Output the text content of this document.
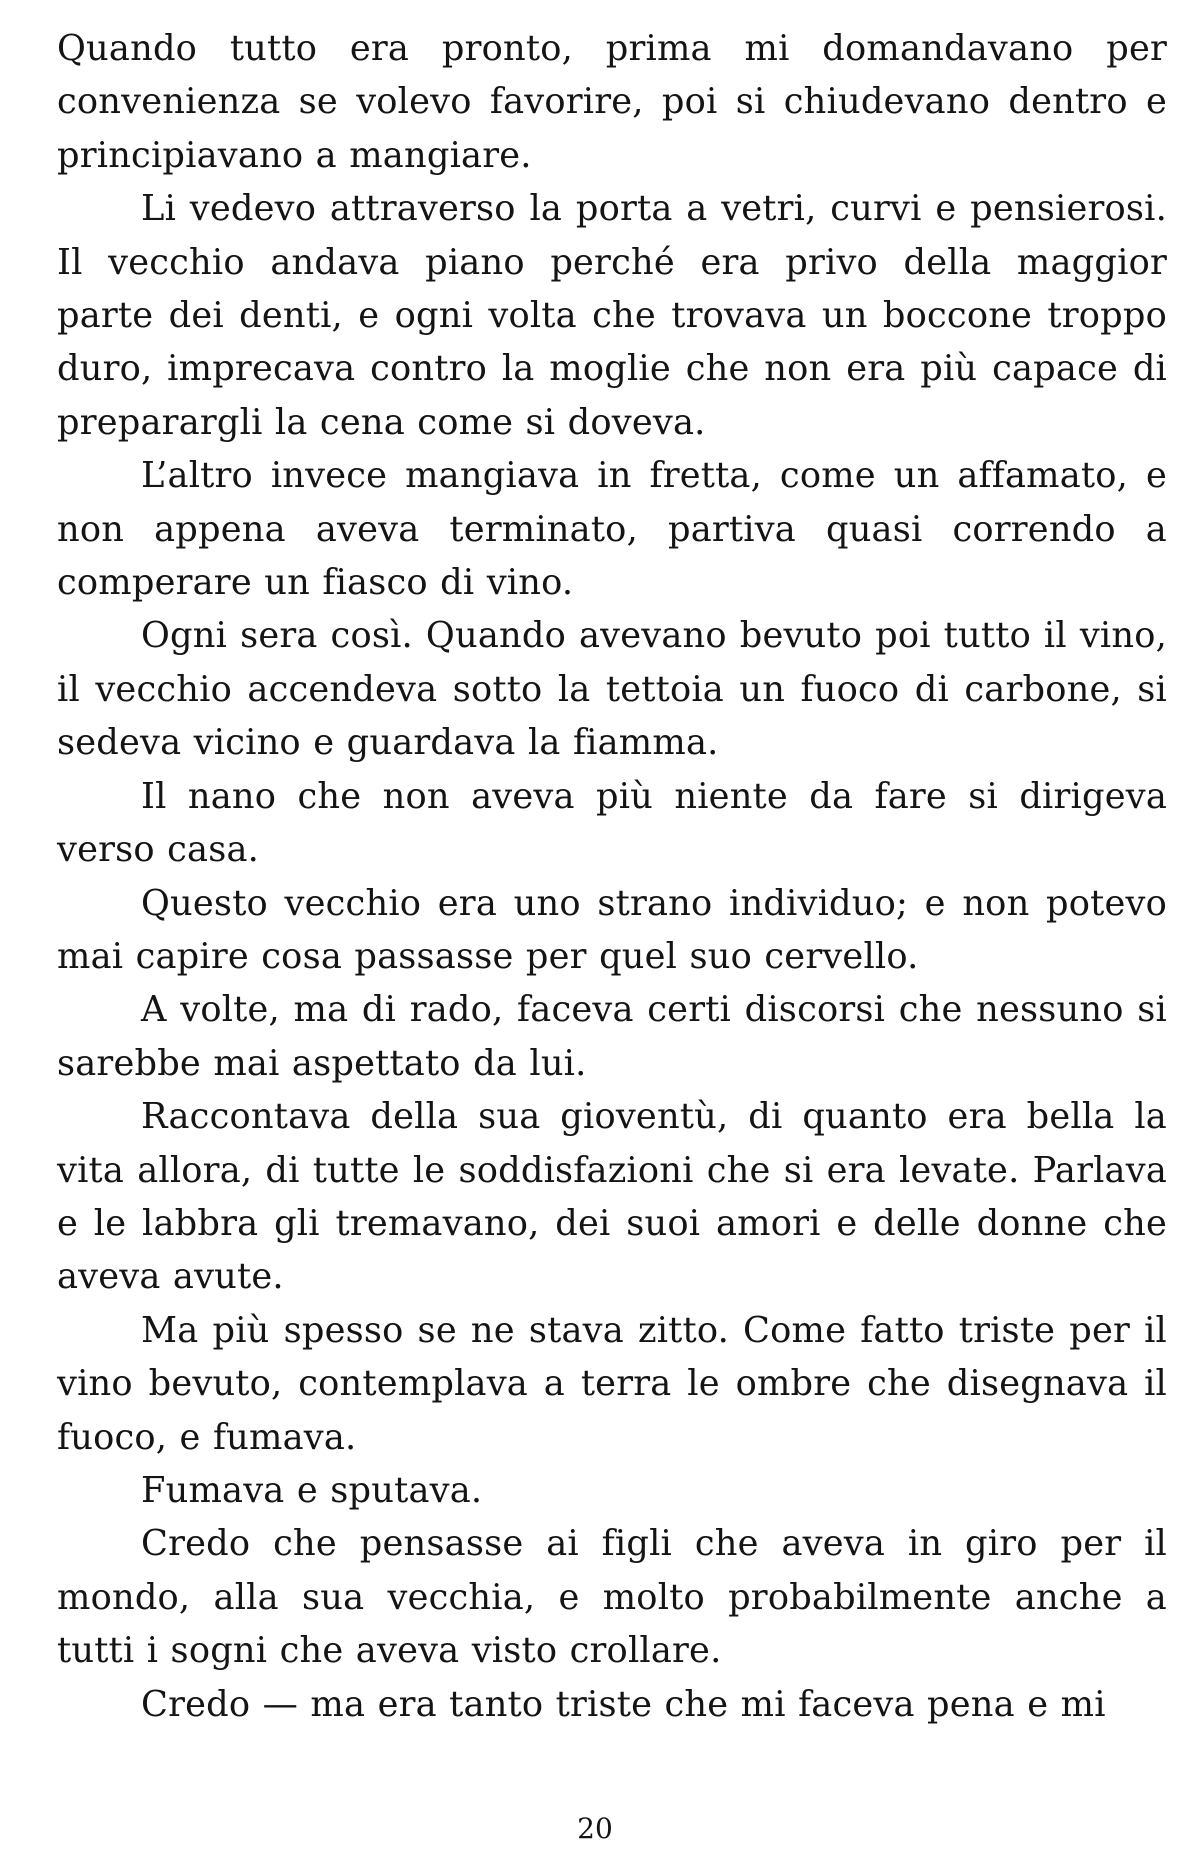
Quando tutto era pronto, prima mi domandavano per convenienza se volevo favorire, poi si chiudevano dentro e principiavano a mangiare.

Li vedevo attraverso la porta a vetri, curvi e pensierosi. Il vecchio andava piano perché era privo della maggior parte dei denti, e ogni volta che trovava un boccone troppo duro, imprecava contro la moglie che non era più capace di preparargli la cena come si doveva.

L’altro invece mangiava in fretta, come un affamato, e non appena aveva terminato, partiva quasi correndo a comperare un fiasco di vino.

Ogni sera così. Quando avevano bevuto poi tutto il vino, il vecchio accendeva sotto la tettoia un fuoco di carbone, si sedeva vicino e guardava la fiamma.

Il nano che non aveva più niente da fare si dirigeva verso casa.

Questo vecchio era uno strano individuo; e non potevo mai capire cosa passasse per quel suo cervello.

A volte, ma di rado, faceva certi discorsi che nessuno si sarebbe mai aspettato da lui.

Raccontava della sua gioventù, di quanto era bella la vita allora, di tutte le soddisfazioni che si era levate. Parlava e le labbra gli tremavano, dei suoi amori e delle donne che aveva avute.

Ma più spesso se ne stava zitto. Come fatto triste per il vino bevuto, contemplava a terra le ombre che disegnava il fuoco, e fumava.

Fumava e sputava.

Credo che pensasse ai figli che aveva in giro per il mondo, alla sua vecchia, e molto probabilmente anche a tutti i sogni che aveva visto crollare.

Credo — ma era tanto triste che mi faceva pena e mi

20
